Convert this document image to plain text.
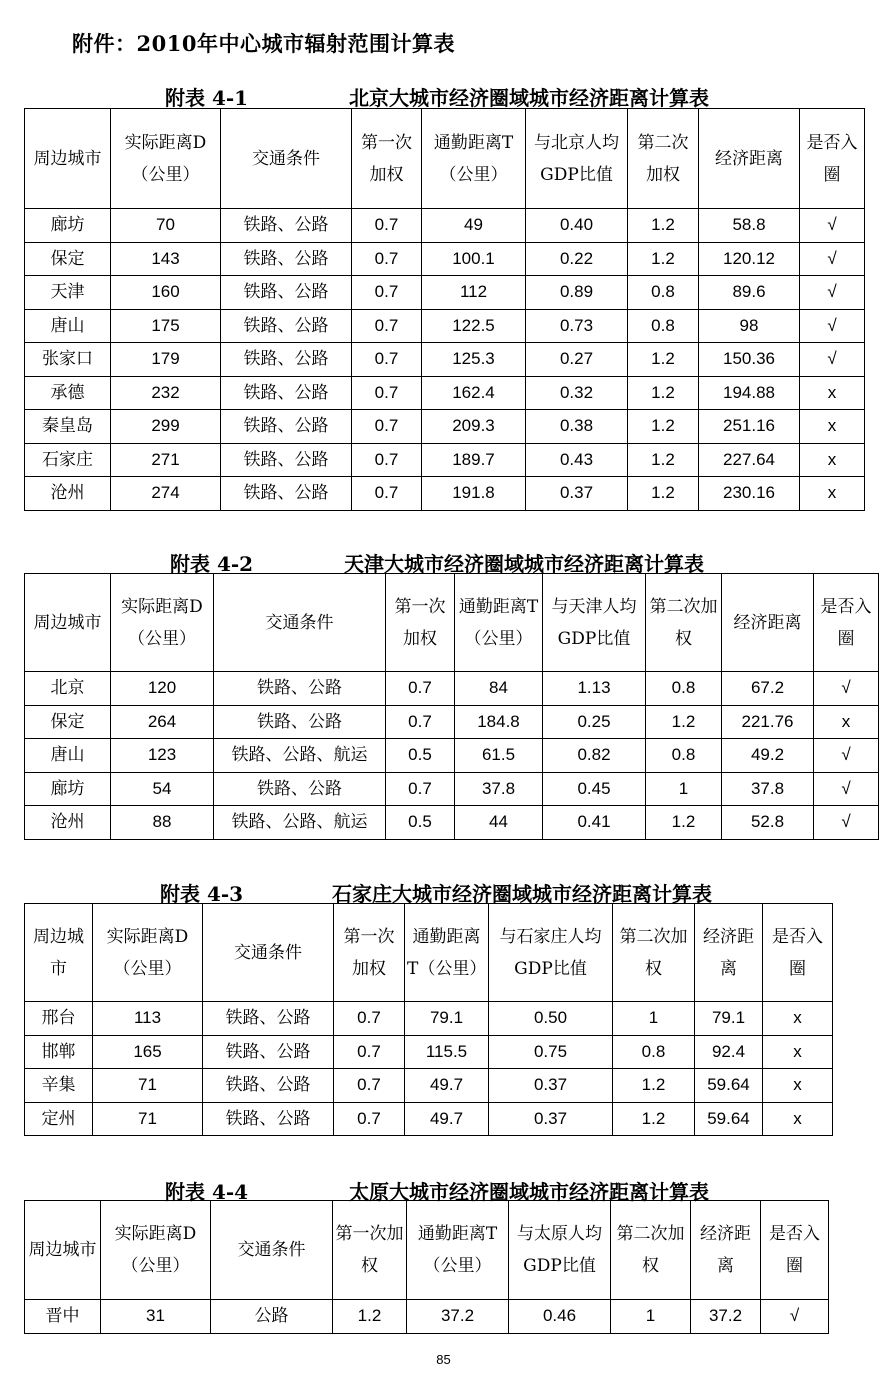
附件：2010年中心城市辐射范围计算表
附表 4-1	北京大城市经济圈域城市经济距离计算表
周边城市	实际距离D（公里）	交通条件	第一次加权	通勤距离T（公里）	与北京人均GDP比值	第二次加权	经济距离	是否入圈
廊坊	70	铁路、公路	0.7	49	0.40	1.2	58.8	√
保定	143	铁路、公路	0.7	100.1	0.22	1.2	120.12	√
天津	160	铁路、公路	0.7	112	0.89	0.8	89.6	√
唐山	175	铁路、公路	0.7	122.5	0.73	0.8	98	√
张家口	179	铁路、公路	0.7	125.3	0.27	1.2	150.36	√
承德	232	铁路、公路	0.7	162.4	0.32	1.2	194.88	x
秦皇岛	299	铁路、公路	0.7	209.3	0.38	1.2	251.16	x
石家庄	271	铁路、公路	0.7	189.7	0.43	1.2	227.64	x
沧州	274	铁路、公路	0.7	191.8	0.37	1.2	230.16	x
附表 4-2	天津大城市经济圈域城市经济距离计算表
周边城市	实际距离D（公里）	交通条件	第一次加权	通勤距离T（公里）	与天津人均GDP比值	第二次加权	经济距离	是否入圈
北京	120	铁路、公路	0.7	84	1.13	0.8	67.2	√
保定	264	铁路、公路	0.7	184.8	0.25	1.2	221.76	x
唐山	123	铁路、公路、航运	0.5	61.5	0.82	0.8	49.2	√
廊坊	54	铁路、公路	0.7	37.8	0.45	1	37.8	√
沧州	88	铁路、公路、航运	0.5	44	0.41	1.2	52.8	√
附表 4-3	石家庄大城市经济圈域城市经济距离计算表
周边城市	实际距离D（公里）	交通条件	第一次加权	通勤距离T（公里）	与石家庄人均GDP比值	第二次加权	经济距离	是否入圈
邢台	113	铁路、公路	0.7	79.1	0.50	1	79.1	x
邯郸	165	铁路、公路	0.7	115.5	0.75	0.8	92.4	x
辛集	71	铁路、公路	0.7	49.7	0.37	1.2	59.64	x
定州	71	铁路、公路	0.7	49.7	0.37	1.2	59.64	x
附表 4-4	太原大城市经济圈域城市经济距离计算表
周边城市	实际距离D（公里）	交通条件	第一次加权	通勤距离T（公里）	与太原人均GDP比值	第二次加权	经济距离	是否入圈
晋中	31	公路	1.2	37.2	0.46	1	37.2	√
85
